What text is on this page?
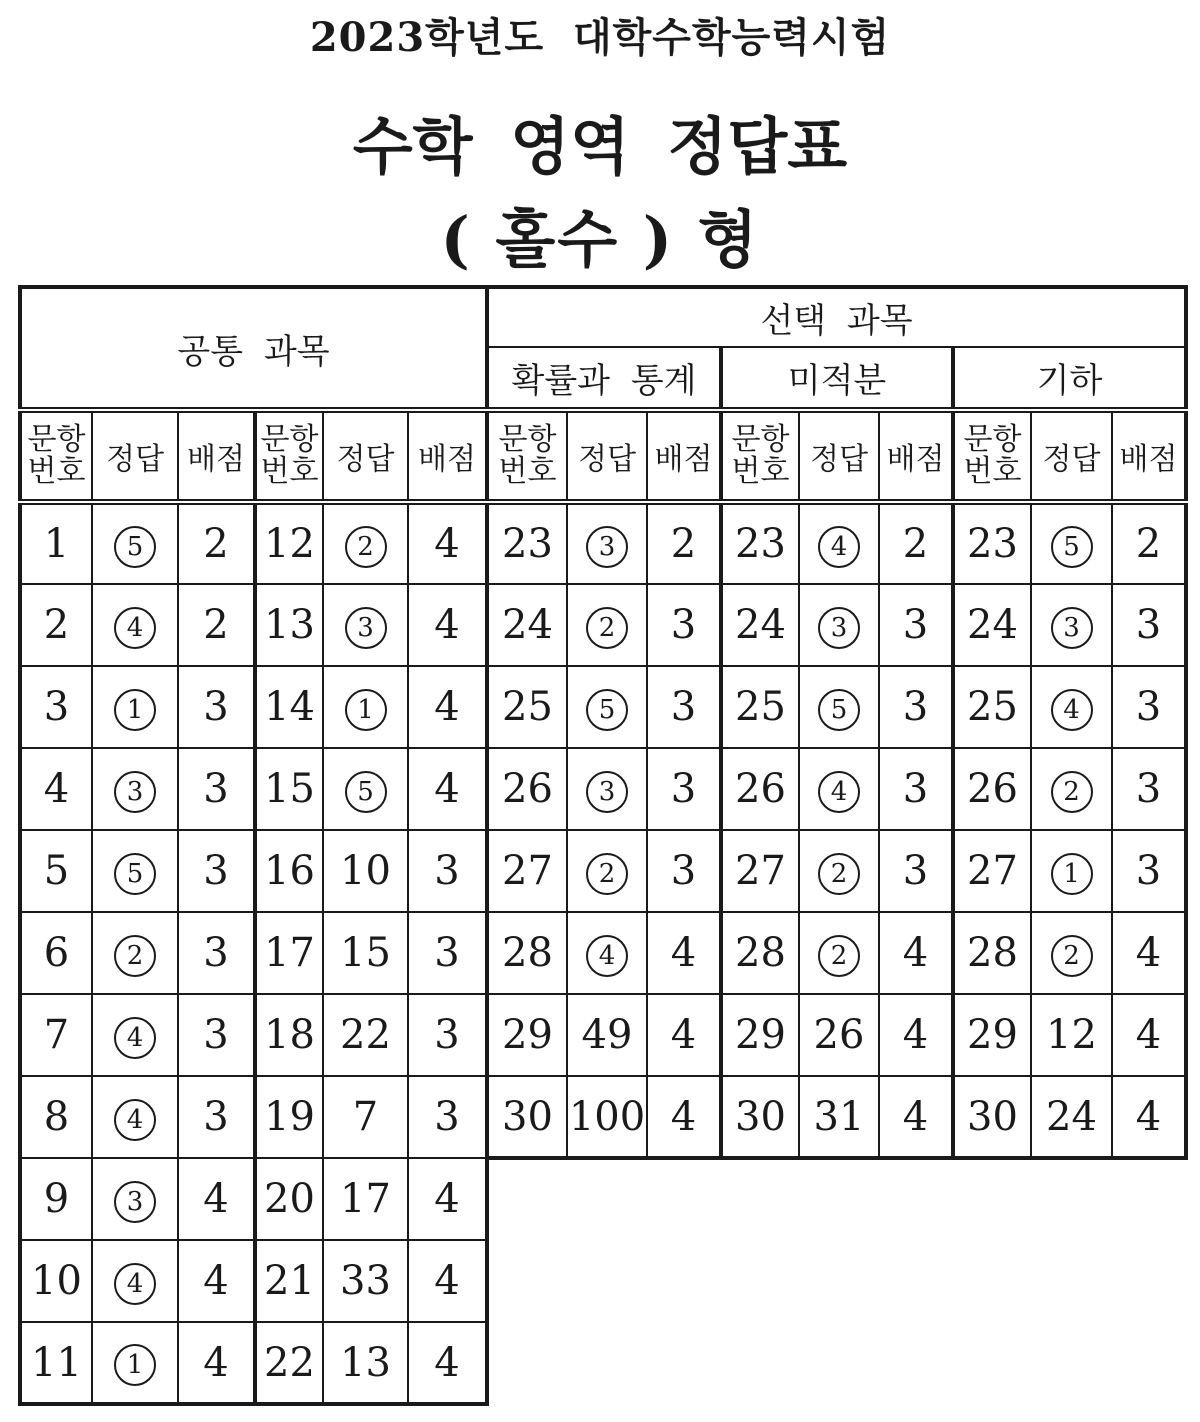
2023학년도 대학수학능력시험
수학 영역 정답표
( 홀수 ) 형
공통 과목					

문항
번호	정답	배점	문항
번호	정답	배점
1	5	2	12	2	4
2	4	2	13	3	4
3	1	3	14	1	4
4	3	3	15	5	4
5	5	3	16	10	3
6	2	3	17	15	3
7	4	3	18	22	3
8	4	3	19	7	3
9	3	4	20	17	4
10	4	4	21	33	4
11	1	4	22	13	4
선택 과목								
확률과 통계			미적분			기하		

문항
번호	정답	배점	문항
번호	정답	배점	문항
번호	정답	배점
23	3	2	23	4	2	23	5	2
24	2	3	24	3	3	24	3	3
25	5	3	25	5	3	25	4	3
26	3	3	26	4	3	26	2	3
27	2	3	27	2	3	27	1	3
28	4	4	28	2	4	28	2	4
29	49	4	29	26	4	29	12	4
30	100	4	30	31	4	30	24	4
